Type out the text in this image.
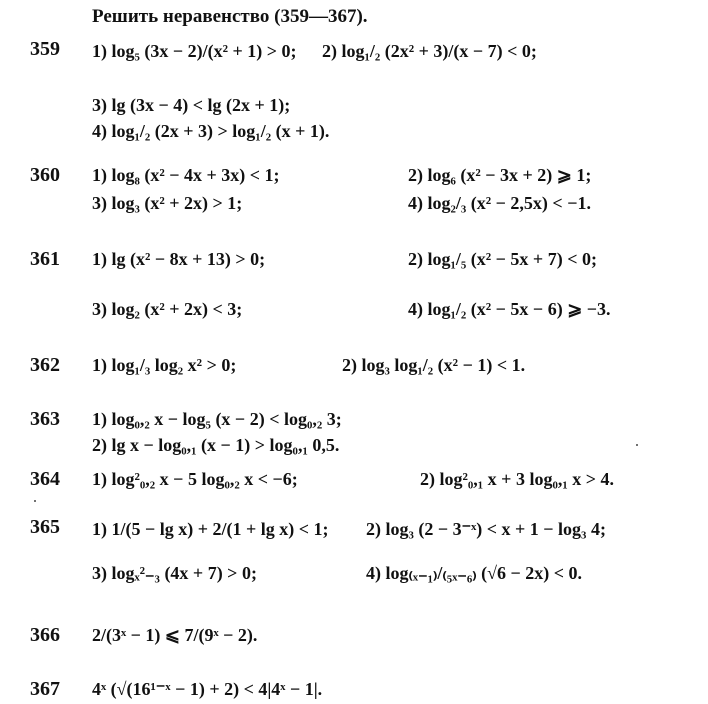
Решить неравенство (359—367).
359 1) log₅ (3x − 2)/(x² + 1) > 0; 2) log₁/₂ (2x² + 3)/(x − 7) < 0;
3) lg (3x − 4) < lg (2x + 1);
4) log₁/₂ (2x + 3) > log₁/₂ (x + 1).
360 1) log₈ (x² − 4x + 3x) < 1;	2) log₆ (x² − 3x + 2) ⩾ 1;
3) log₃ (x² + 2x) > 1;	4) log₂/₃ (x² − 2,5x) < −1.
361 1) lg (x² − 8x + 13) > 0;	2) log₁/₅ (x² − 5x + 7) < 0;
3) log₂ (x² + 2x) < 3;	4) log₁/₂ (x² − 5x − 6) ⩾ −3.
362 1) log₁/₃ log₂ x² > 0;	2) log₃ log₁/₂ (x² − 1) < 1.
363 1) log₀,₂ x − log₅ (x − 2) < log₀,₂ 3;
2) lg x − log₀,₁ (x − 1) > log₀,₁ 0,5.
364 1) log²₀,₂ x − 5 log₀,₂ x < −6;	2) log²₀,₁ x + 3 log₀,₁ x > 4.
365 1) 1/(5 − lg x) + 2/(1 + lg x) < 1; 2) log₃ (2 − 3⁻ˣ) < x + 1 − log₃ 4;
3) logₓ²₋₃ (4x + 7) > 0;	4) log₍ₓ₋₁₎/₍₅ₓ₋₆₎ (√6 − 2x) < 0.
366 2/(3ˣ − 1) ⩽ 7/(9ˣ − 2).
367 4ˣ (√(16¹⁻ˣ − 1) + 2) < 4|4ˣ − 1|.
